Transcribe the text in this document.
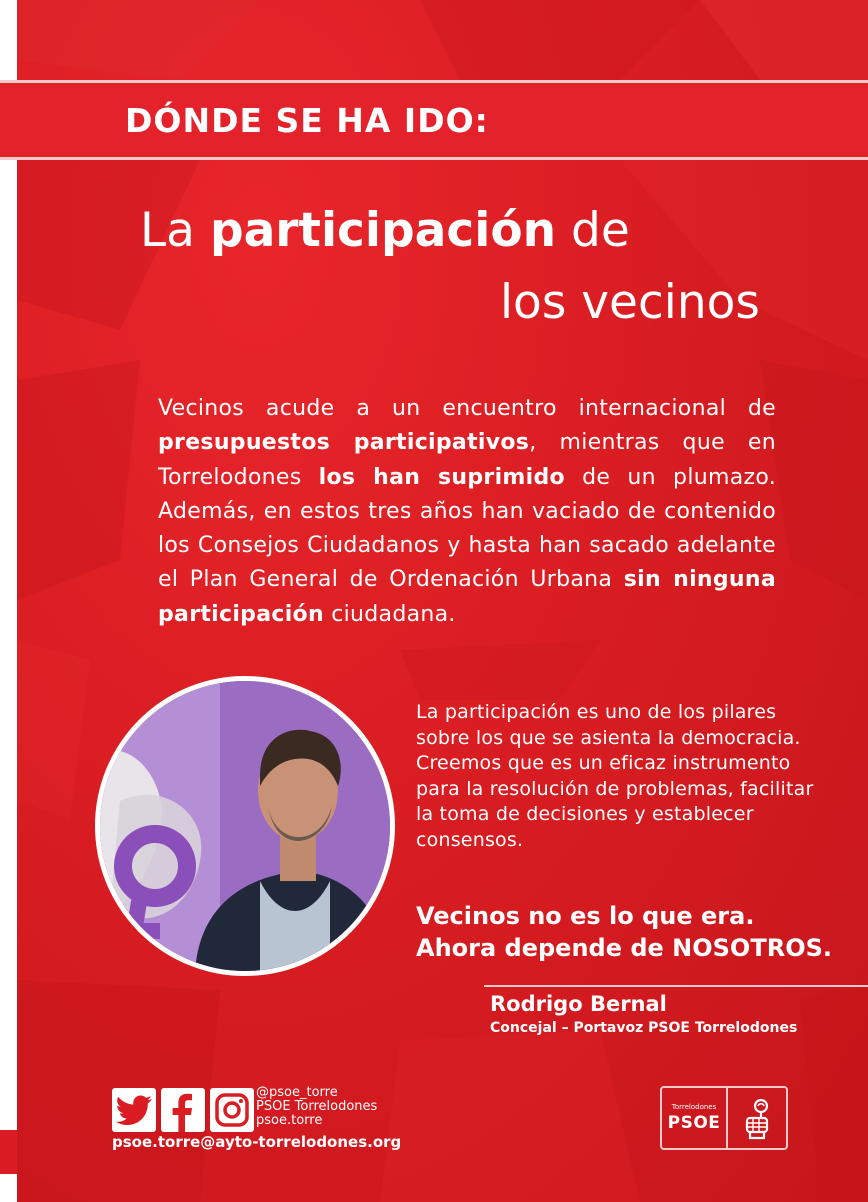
DÓNDE SE HA IDO:
La participación de
los vecinos
Vecinos acude a un encuentro internacional de presupuestos participativos, mientras que en Torrelodones los han suprimido de un plumazo. Además, en estos tres años han vaciado de contenido los Consejos Ciudadanos y hasta han sacado adelante el Plan General de Ordenación Urbana sin ninguna participación ciudadana.
La participación es uno de los pilares
sobre los que se asienta la democracia.
Creemos que es un eficaz instrumento
para la resolución de problemas, facilitar
la toma de decisiones y establecer
consensos.
Vecinos no es lo que era.
Ahora depende de NOSOTROS.
Rodrigo Bernal
Concejal – Portavoz PSOE Torrelodones
@psoe_torre
PSOE Torrelodones
psoe.torre
psoe.torre@ayto-torrelodones.org
Torrelodones
PSOE
